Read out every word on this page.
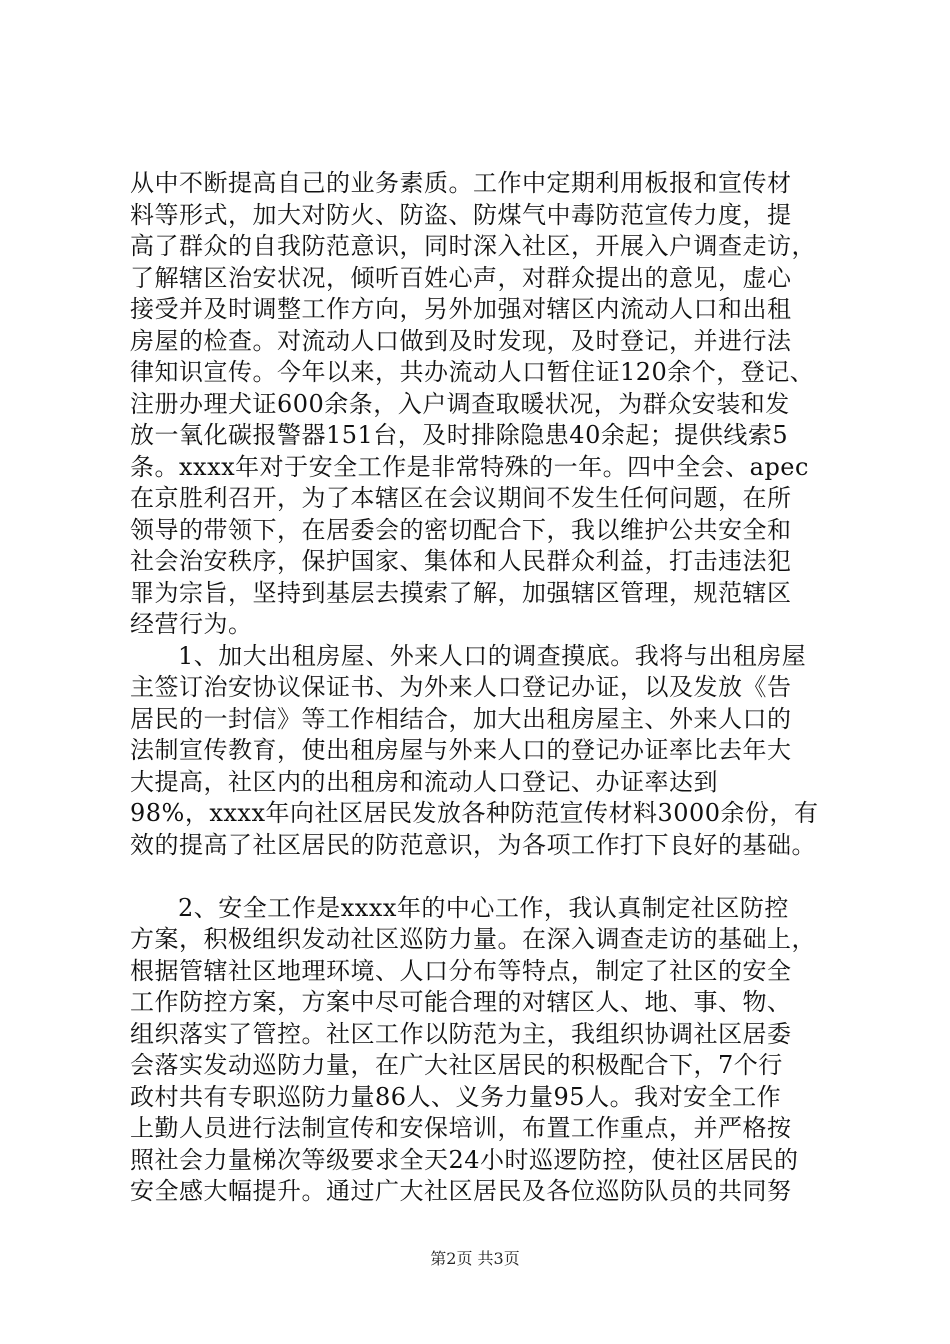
从中不断提高自己的业务素质。工作中定期利用板报和宣传材
料等形式，加大对防火、防盗、防煤气中毒防范宣传力度，提
高了群众的自我防范意识，同时深入社区，开展入户调查走访，
了解辖区治安状况，倾听百姓心声，对群众提出的意见，虚心
接受并及时调整工作方向，另外加强对辖区内流动人口和出租
房屋的检查。对流动人口做到及时发现，及时登记，并进行法
律知识宣传。今年以来，共办流动人口暂住证120余个，登记、
注册办理犬证600余条，入户调查取暖状况，为群众安装和发
放一氧化碳报警器151台，及时排除隐患40余起；提供线索5
条。xxxx年对于安全工作是非常特殊的一年。四中全会、apec
在京胜利召开，为了本辖区在会议期间不发生任何问题，在所
领导的带领下，在居委会的密切配合下，我以维护公共安全和
社会治安秩序，保护国家、集体和人民群众利益，打击违法犯
罪为宗旨，坚持到基层去摸索了解，加强辖区管理，规范辖区
经营行为。
1、加大出租房屋、外来人口的调查摸底。我将与出租房屋
主签订治安协议保证书、为外来人口登记办证，以及发放《告
居民的一封信》等工作相结合，加大出租房屋主、外来人口的
法制宣传教育，使出租房屋与外来人口的登记办证率比去年大
大提高，社区内的出租房和流动人口登记、办证率达到
98%，xxxx年向社区居民发放各种防范宣传材料3000余份，有
效的提高了社区居民的防范意识，为各项工作打下良好的基础。
2、安全工作是xxxx年的中心工作，我认真制定社区防控
方案，积极组织发动社区巡防力量。在深入调查走访的基础上，
根据管辖社区地理环境、人口分布等特点，制定了社区的安全
工作防控方案，方案中尽可能合理的对辖区人、地、事、物、
组织落实了管控。社区工作以防范为主，我组织协调社区居委
会落实发动巡防力量，在广大社区居民的积极配合下，7个行
政村共有专职巡防力量86人、义务力量95人。我对安全工作
上勤人员进行法制宣传和安保培训，布置工作重点，并严格按
照社会力量梯次等级要求全天24小时巡逻防控，使社区居民的
安全感大幅提升。通过广大社区居民及各位巡防队员的共同努
第2页 共3页
